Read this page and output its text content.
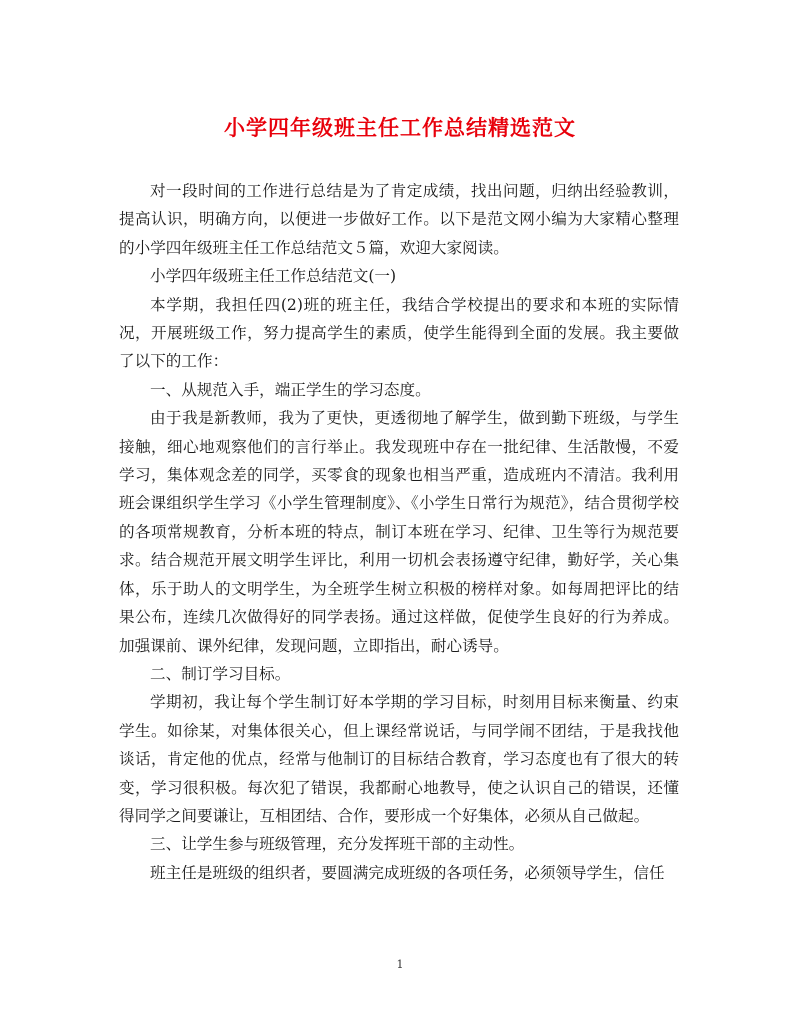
小学四年级班主任工作总结精选范文

对一段时间的工作进行总结是为了肯定成绩，找出问题，归纳出经验教训，提高认识，明确方向，以便进一步做好工作。以下是范文网小编为大家精心整理的小学四年级班主任工作总结范文５篇，欢迎大家阅读。

小学四年级班主任工作总结范文(一)

本学期，我担任四(2)班的班主任，我结合学校提出的要求和本班的实际情况，开展班级工作，努力提高学生的素质，使学生能得到全面的发展。我主要做了以下的工作：

一、从规范入手，端正学生的学习态度。

由于我是新教师，我为了更快，更透彻地了解学生，做到勤下班级，与学生接触，细心地观察他们的言行举止。我发现班中存在一批纪律、生活散慢，不爱学习，集体观念差的同学，买零食的现象也相当严重，造成班内不清洁。我利用班会课组织学生学习《小学生管理制度》、《小学生日常行为规范》，结合贯彻学校的各项常规教育，分析本班的特点，制订本班在学习、纪律、卫生等行为规范要求。结合规范开展文明学生评比，利用一切机会表扬遵守纪律，勤好学，关心集体，乐于助人的文明学生，为全班学生树立积极的榜样对象。如每周把评比的结果公布，连续几次做得好的同学表扬。通过这样做，促使学生良好的行为养成。加强课前、课外纪律，发现问题，立即指出，耐心诱导。

二、制订学习目标。

学期初，我让每个学生制订好本学期的学习目标，时刻用目标来衡量、约束学生。如徐某，对集体很关心，但上课经常说话，与同学闹不团结，于是我找他谈话，肯定他的优点，经常与他制订的目标结合教育，学习态度也有了很大的转变，学习很积极。每次犯了错误，我都耐心地教导，使之认识自己的错误，还懂得同学之间要谦让，互相团结、合作，要形成一个好集体，必须从自己做起。

三、让学生参与班级管理，充分发挥班干部的主动性。

班主任是班级的组织者，要圆满完成班级的各项任务，必须领导学生，信任

1
